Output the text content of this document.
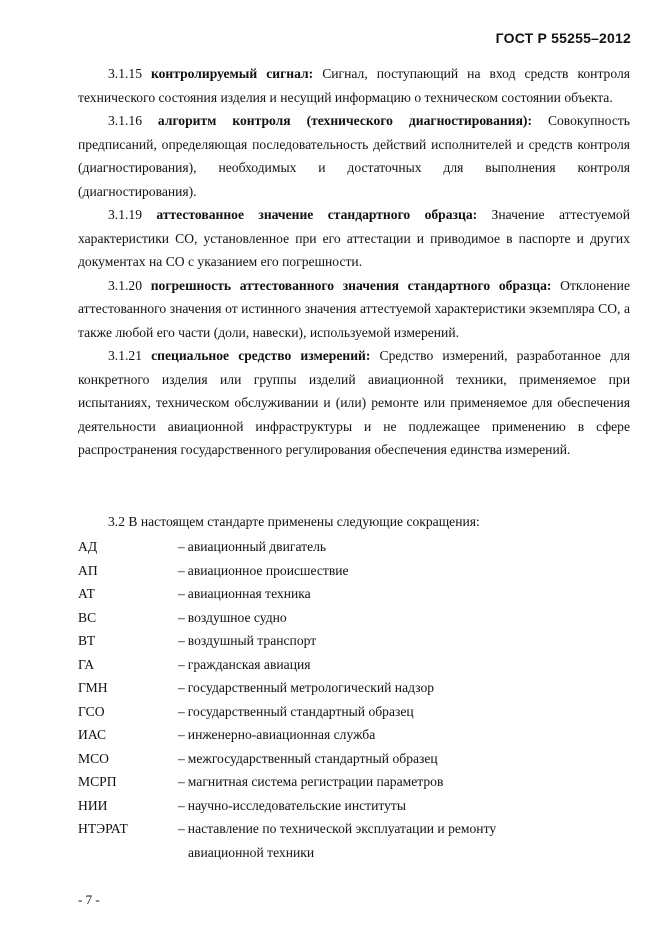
ГОСТ Р 55255–2012

3.1.15 контролируемый сигнал: Сигнал, поступающий на вход средств контроля технического состояния изделия и несущий информацию о техническом состоянии объекта.

3.1.16 алгоритм контроля (технического диагностирования): Совокупность предписаний, определяющая последовательность действий исполнителей и средств контроля (диагностирования), необходимых и достаточных для выполнения контроля (диагностирования).

3.1.19 аттестованное значение стандартного образца: Значение аттестуемой характеристики СО, установленное при его аттестации и приводимое в паспорте и других документах на СО с указанием его погрешности.

3.1.20 погрешность аттестованного значения стандартного образца: Отклонение аттестованного значения от истинного значения аттестуемой характеристики экземпляра СО, а также любой его части (доли, навески), используемой измерений.

3.1.21 специальное средство измерений: Средство измерений, разработанное для конкретного изделия или группы изделий авиационной техники, применяемое при испытаниях, техническом обслуживании и (или) ремонте или применяемое для обеспечения деятельности авиационной инфраструктуры и не подлежащее применению в сфере распространения государственного регулирования обеспечения единства измерений.

3.2 В настоящем стандарте применены следующие сокращения:
АД	– авиационный двигатель
АП	– авиационное происшествие
АТ	– авиационная техника
ВС	– воздушное судно
ВТ	– воздушный транспорт
ГА	– гражданская авиация
ГМН	– государственный метрологический надзор
ГСО	– государственный стандартный образец
ИАС	– инженерно-авиационная служба
МСО	– межгосударственный стандартный образец
МСРП	– магнитная система регистрации параметров
НИИ	– научно-исследовательские институты
НТЭРАТ	– наставление по технической эксплуатации и ремонту
авиационной техники
- 7 -
